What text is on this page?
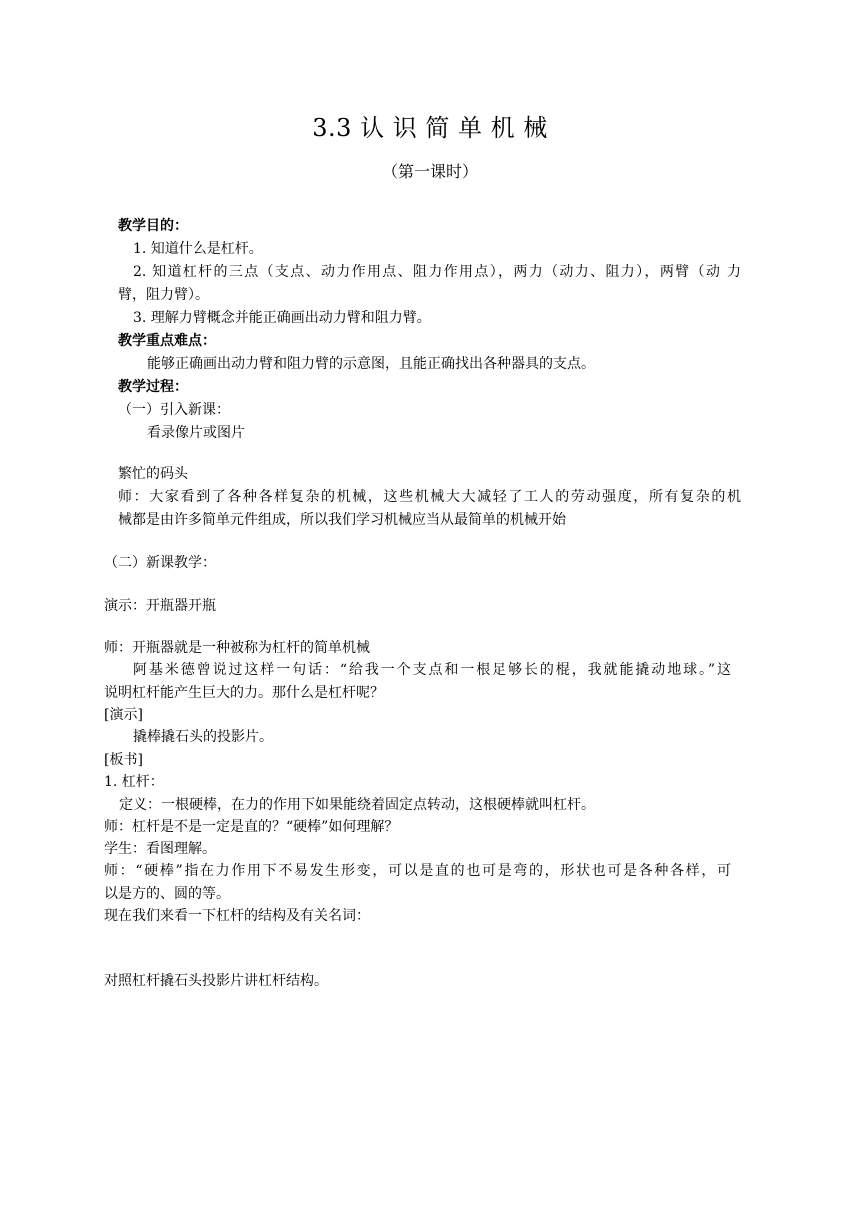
3.3 认 识 简 单 机 械
（第一课时）
教学目的：
1. 知道什么是杠杆。
2. 知道杠杆的三点（支点、动力作用点、阻力作用点），两力（动力、阻力），两臂（动 力
臂，阻力臂）。
3. 理解力臂概念并能正确画出动力臂和阻力臂。
教学重点难点：
能够正确画出动力臂和阻力臂的示意图，且能正确找出各种器具的支点。
教学过程：
（一）引入新课：
看录像片或图片
繁忙的码头
师：大家看到了各种各样复杂的机械，这些机械大大减轻了工人的劳动强度，所有复杂的机
械都是由许多简单元件组成，所以我们学习机械应当从最简单的机械开始
（二）新课教学：
演示：开瓶器开瓶
师：开瓶器就是一种被称为杠杆的简单机械
阿基米德曾说过这样一句话：“给我一个支点和一根足够长的棍，我就能撬动地球。”这
说明杠杆能产生巨大的力。那什么是杠杆呢？
[演示]
撬棒撬石头的投影片。
[板书]
1. 杠杆：
定义：一根硬棒，在力的作用下如果能绕着固定点转动，这根硬棒就叫杠杆。
师：杠杆是不是一定是直的？“硬棒”如何理解？
学生：看图理解。
师：“硬棒”指在力作用下不易发生形变，可以是直的也可是弯的，形状也可是各种各样，可
以是方的、圆的等。
现在我们来看一下杠杆的结构及有关名词：
对照杠杆撬石头投影片讲杠杆结构。
